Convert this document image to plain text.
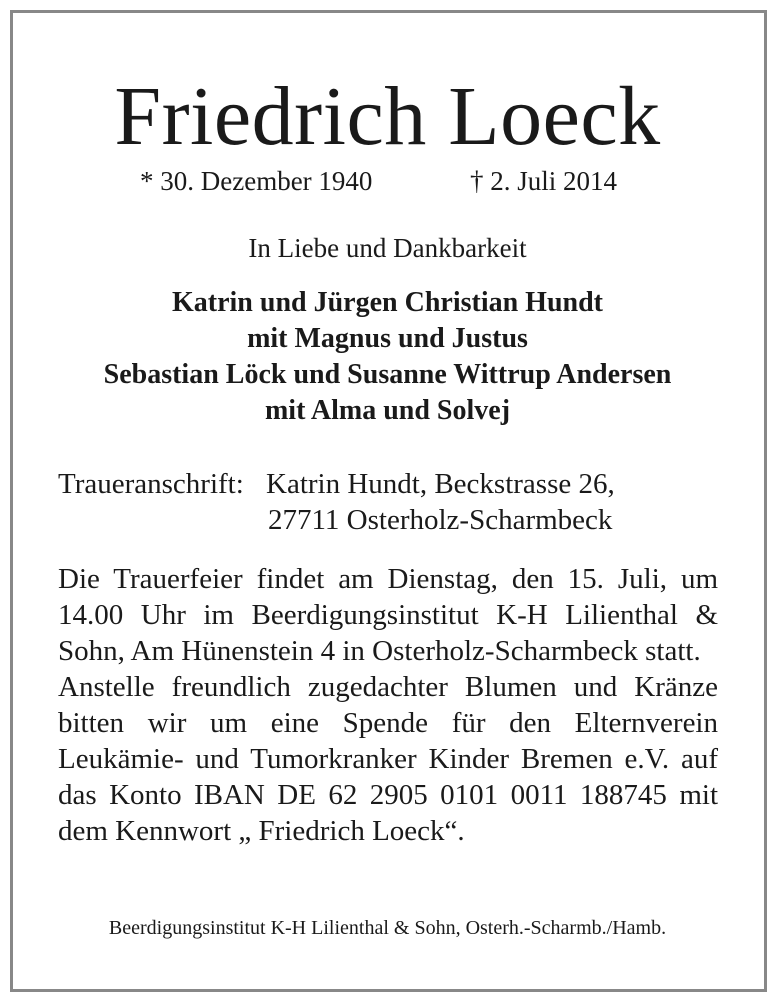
Friedrich Loeck
* 30. Dezember 1940	† 2. Juli 2014
In Liebe und Dankbarkeit
Katrin und Jürgen Christian Hundt
mit Magnus und Justus
Sebastian Löck und Susanne Wittrup Andersen
mit Alma und Solvej
Traueranschrift: Katrin Hundt, Beckstrasse 26,
27711 Osterholz-Scharmbeck

Die Trauerfeier findet am Dienstag, den 15. Juli, um 14.00 Uhr im Beerdigungsinstitut K-H Lilienthal & Sohn, Am Hünenstein 4 in Osterholz-Scharmbeck statt.

Anstelle freundlich zugedachter Blumen und Kränze bitten wir um eine Spende für den Elternverein Leukämie- und Tumorkranker Kinder Bremen e.V. auf das Konto IBAN DE 62 2905 0101 0011 188745 mit dem Kennwort „ Friedrich Loeck“.

Beerdigungsinstitut K-H Lilienthal & Sohn, Osterh.-Scharmb./Hamb.
